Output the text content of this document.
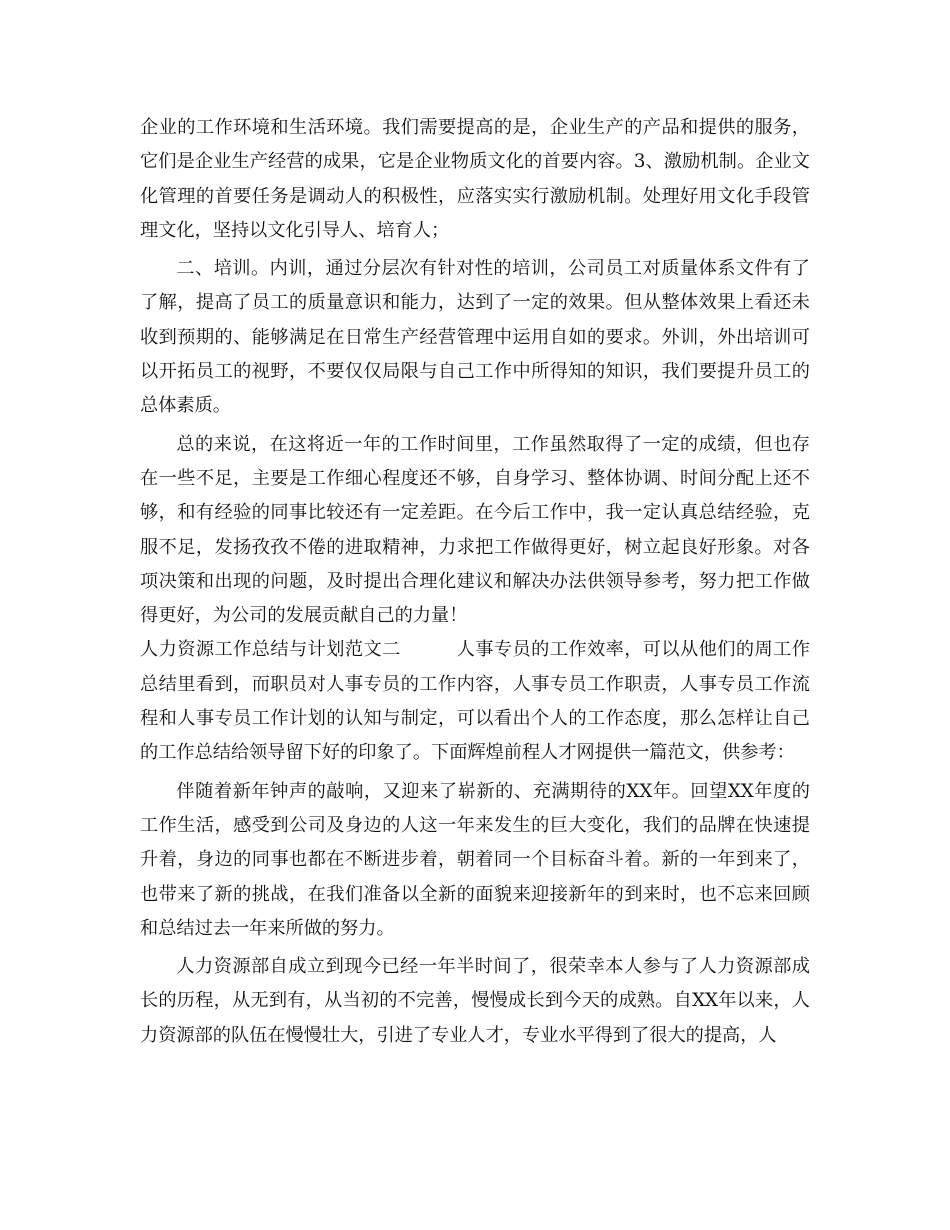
企业的工作环境和生活环境。我们需要提高的是，企业生产的产品和提供的服务，它们是企业生产经营的成果，它是企业物质文化的首要内容。3、激励机制。企业文化管理的首要任务是调动人的积极性，应落实实行激励机制。处理好用文化手段管理文化，坚持以文化引导人、培育人；

二、培训。内训，通过分层次有针对性的培训，公司员工对质量体系文件有了了解，提高了员工的质量意识和能力，达到了一定的效果。但从整体效果上看还未收到预期的、能够满足在日常生产经营管理中运用自如的要求。外训，外出培训可以开拓员工的视野，不要仅仅局限与自己工作中所得知的知识，我们要提升员工的总体素质。

总的来说，在这将近一年的工作时间里，工作虽然取得了一定的成绩，但也存在一些不足，主要是工作细心程度还不够，自身学习、整体协调、时间分配上还不够，和有经验的同事比较还有一定差距。在今后工作中，我一定认真总结经验，克服不足，发扬孜孜不倦的进取精神，力求把工作做得更好，树立起良好形象。对各项决策和出现的问题，及时提出合理化建议和解决办法供领导参考，努力把工作做得更好，为公司的发展贡献自己的力量！

人力资源工作总结与计划范文二　　　	人事专员的工作效率，可以从他们的周工作总结里看到，而职员对人事专员的工作内容，人事专员工作职责，人事专员工作流程和人事专员工作计划的认知与制定，可以看出个人的工作态度，那么怎样让自己的工作总结给领导留下好的印象了。下面辉煌前程人才网提供一篇范文，供参考：

伴随着新年钟声的敲响，又迎来了崭新的、充满期待的XX年。回望XX年度的工作生活，感受到公司及身边的人这一年来发生的巨大变化，我们的品牌在快速提升着，身边的同事也都在不断进步着，朝着同一个目标奋斗着。新的一年到来了，也带来了新的挑战，在我们准备以全新的面貌来迎接新年的到来时，也不忘来回顾和总结过去一年来所做的努力。

人力资源部自成立到现今已经一年半时间了，很荣幸本人参与了人力资源部成长的历程，从无到有，从当初的不完善，慢慢成长到今天的成熟。自XX年以来，人力资源部的队伍在慢慢壮大，引进了专业人才，专业水平得到了很大的提高，人
